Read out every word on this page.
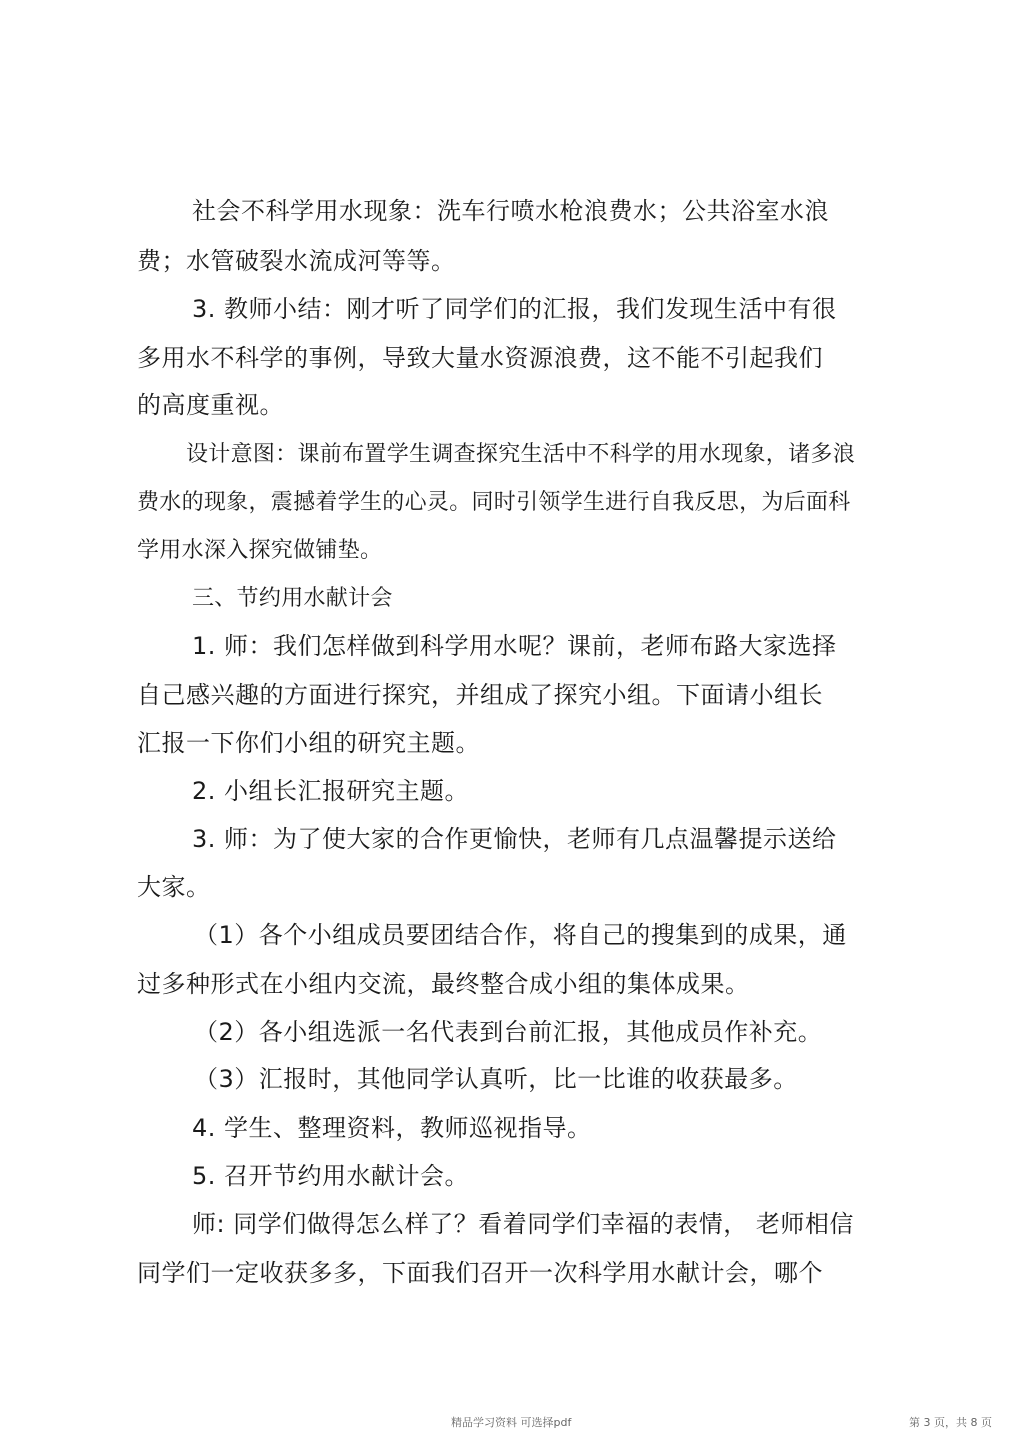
社会不科学用水现象：洗车行喷水枪浪费水；公共浴室水浪
费；水管破裂水流成河等等。
3. 教师小结：刚才听了同学们的汇报，我们发现生活中有很
多用水不科学的事例，导致大量水资源浪费，这不能不引起我们
的高度重视。
设计意图：课前布置学生调查探究生活中不科学的用水现象，诸多浪
费水的现象，震撼着学生的心灵。同时引领学生进行自我反思，为后面科
学用水深入探究做铺垫。
三、节约用水献计会
1. 师：我们怎样做到科学用水呢？课前，老师布路大家选择
自己感兴趣的方面进行探究，并组成了探究小组。下面请小组长
汇报一下你们小组的研究主题。
2. 小组长汇报研究主题。
3. 师：为了使大家的合作更愉快，老师有几点温馨提示送给
大家。
（1）各个小组成员要团结合作，将自己的搜集到的成果，通
过多种形式在小组内交流，最终整合成小组的集体成果。
（2）各小组选派一名代表到台前汇报，其他成员作补充。
（3）汇报时，其他同学认真听，比一比谁的收获最多。
4. 学生、整理资料，教师巡视指导。
5. 召开节约用水献计会。
师: 同学们做得怎么样了？看着同学们幸福的表情， 老师相信
同学们一定收获多多，下面我们召开一次科学用水献计会，哪个
精品学习资料 可选择pdf	第 3 页，共 8 页
